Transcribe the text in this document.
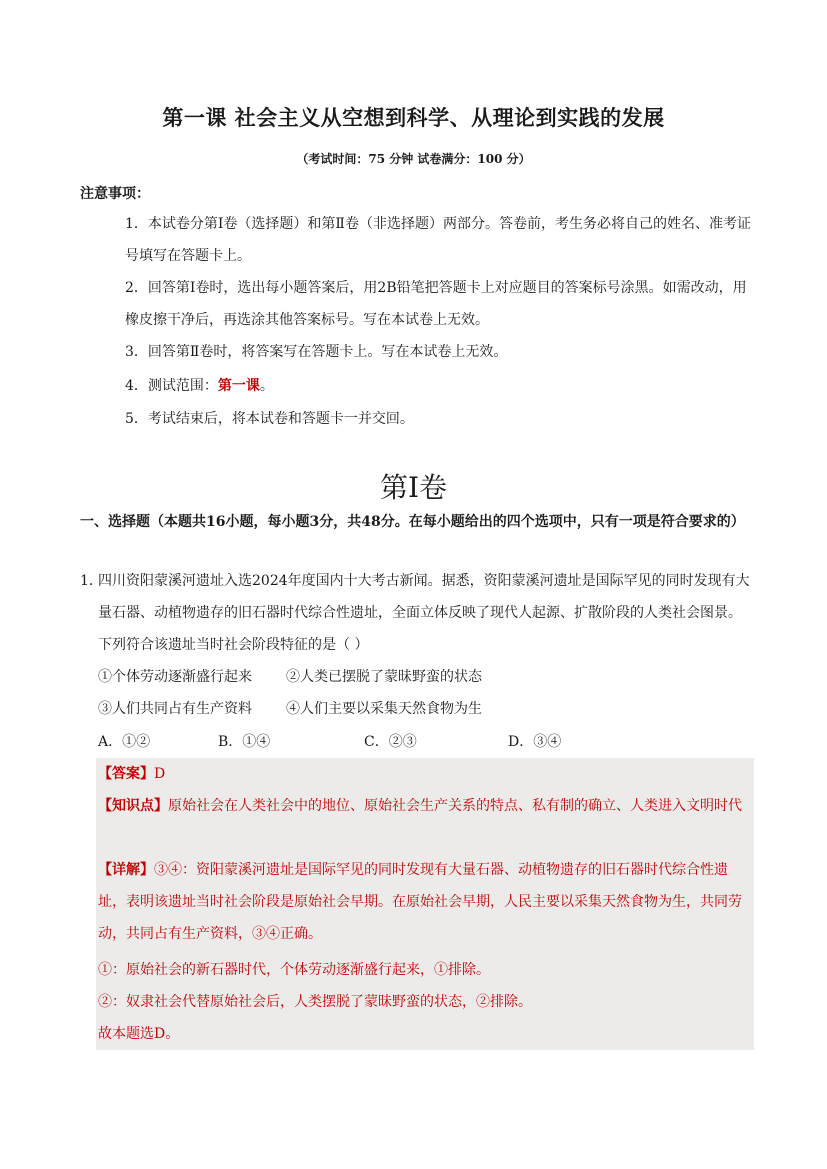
第一课 社会主义从空想到科学、从理论到实践的发展
（考试时间：75 分钟 试卷满分：100 分）
注意事项：
1．本试卷分第Ⅰ卷（选择题）和第Ⅱ卷（非选择题）两部分。答卷前，考生务必将自己的姓名、准考证号填写在答题卡上。
2．回答第Ⅰ卷时，选出每小题答案后，用2B铅笔把答题卡上对应题目的答案标号涂黑。如需改动，用橡皮擦干净后，再选涂其他答案标号。写在本试卷上无效。
3．回答第Ⅱ卷时，将答案写在答题卡上。写在本试卷上无效。
4．测试范围：第一课。
5．考试结束后，将本试卷和答题卡一并交回。
第Ⅰ卷
一、选择题（本题共16小题，每小题3分，共48分。在每小题给出的四个选项中，只有一项是符合要求的）
1．
四川资阳蒙溪河遗址入选2024年度国内十大考古新闻。据悉，资阳蒙溪河遗址是国际罕见的同时发现有大量石器、动植物遗存的旧石器时代综合性遗址，全面立体反映了现代人起源、扩散阶段的人类社会图景。下列符合该遗址当时社会阶段特征的是（ ）
①个体劳动逐渐盛行起来 ②人类已摆脱了蒙昧野蛮的状态
③人们共同占有生产资料 ④人们主要以采集天然食物为生
A．①②	B．①④	C．②③	D．③④
【答案】D
【知识点】原始社会在人类社会中的地位、原始社会生产关系的特点、私有制的确立、人类进入文明时代
【详解】③④：资阳蒙溪河遗址是国际罕见的同时发现有大量石器、动植物遗存的旧石器时代综合性遗址，表明该遗址当时社会阶段是原始社会早期。在原始社会早期，人民主要以采集天然食物为生，共同劳动，共同占有生产资料，③④正确。
①：原始社会的新石器时代，个体劳动逐渐盛行起来，①排除。
②：奴隶社会代替原始社会后，人类摆脱了蒙昧野蛮的状态，②排除。
故本题选D。
